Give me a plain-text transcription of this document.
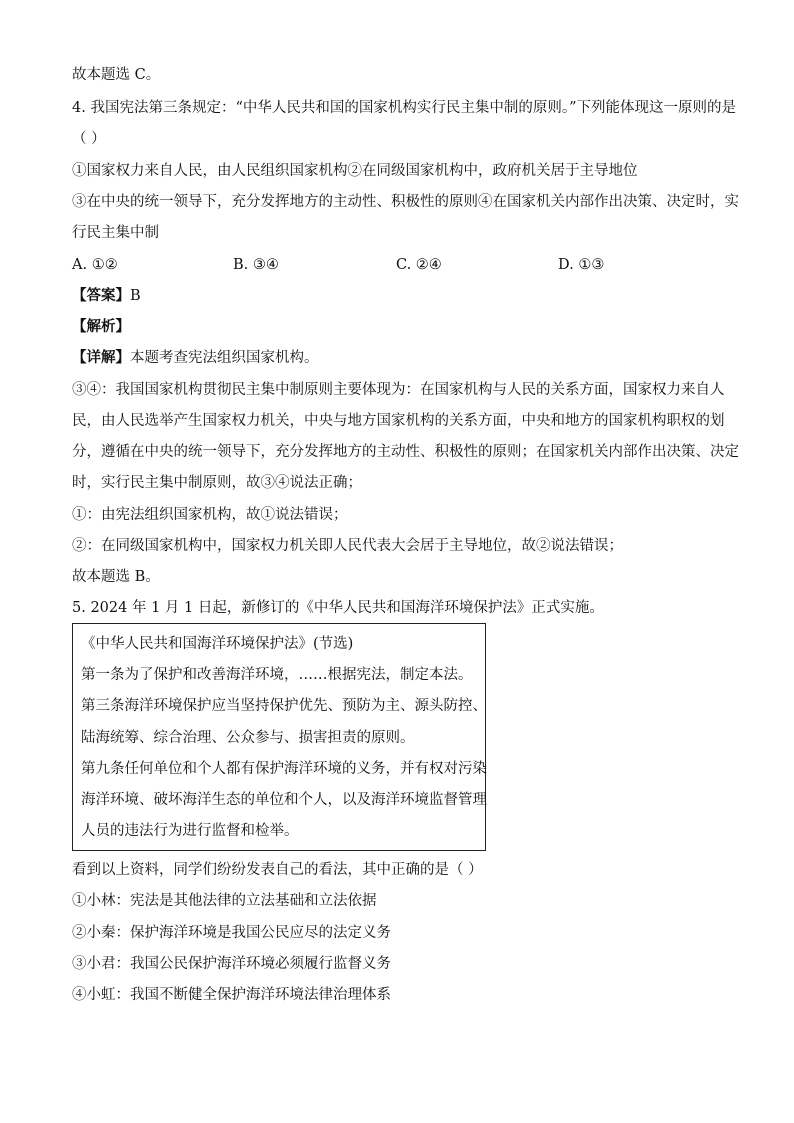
故本题选 C。
4. 我国宪法第三条规定：“中华人民共和国的国家机构实行民主集中制的原则。”下列能体现这一原则的是
（ ）
①国家权力来自人民，由人民组织国家机构②在同级国家机构中，政府机关居于主导地位
③在中央的统一领导下，充分发挥地方的主动性、积极性的原则④在国家机关内部作出决策、决定时，实
行民主集中制
A. ①②	B. ③④	C. ②④	D. ①③
【答案】B
【解析】
【详解】本题考查宪法组织国家机构。
③④：我国国家机构贯彻民主集中制原则主要体现为：在国家机构与人民的关系方面，国家权力来自人
民，由人民选举产生国家权力机关，中央与地方国家机构的关系方面，中央和地方的国家机构职权的划
分，遵循在中央的统一领导下，充分发挥地方的主动性、积极性的原则；在国家机关内部作出决策、决定
时，实行民主集中制原则，故③④说法正确；
①：由宪法组织国家机构，故①说法错误；
②：在同级国家机构中，国家权力机关即人民代表大会居于主导地位，故②说法错误；
故本题选 B。
5. 2024 年 1 月 1 日起，新修订的《中华人民共和国海洋环境保护法》正式实施。
《中华人民共和国海洋环境保护法》(节选)
第一条为了保护和改善海洋环境，……根据宪法，制定本法。
第三条海洋环境保护应当坚持保护优先、预防为主、源头防控、
陆海统筹、综合治理、公众参与、损害担责的原则。
第九条任何单位和个人都有保护海洋环境的义务，并有权对污染
海洋环境、破坏海洋生态的单位和个人，以及海洋环境监督管理
人员的违法行为进行监督和检举。
看到以上资料，同学们纷纷发表自己的看法，其中正确的是（ ）
①小林：宪法是其他法律的立法基础和立法依据
②小秦：保护海洋环境是我国公民应尽的法定义务
③小君：我国公民保护海洋环境必须履行监督义务
④小虹：我国不断健全保护海洋环境法律治理体系
